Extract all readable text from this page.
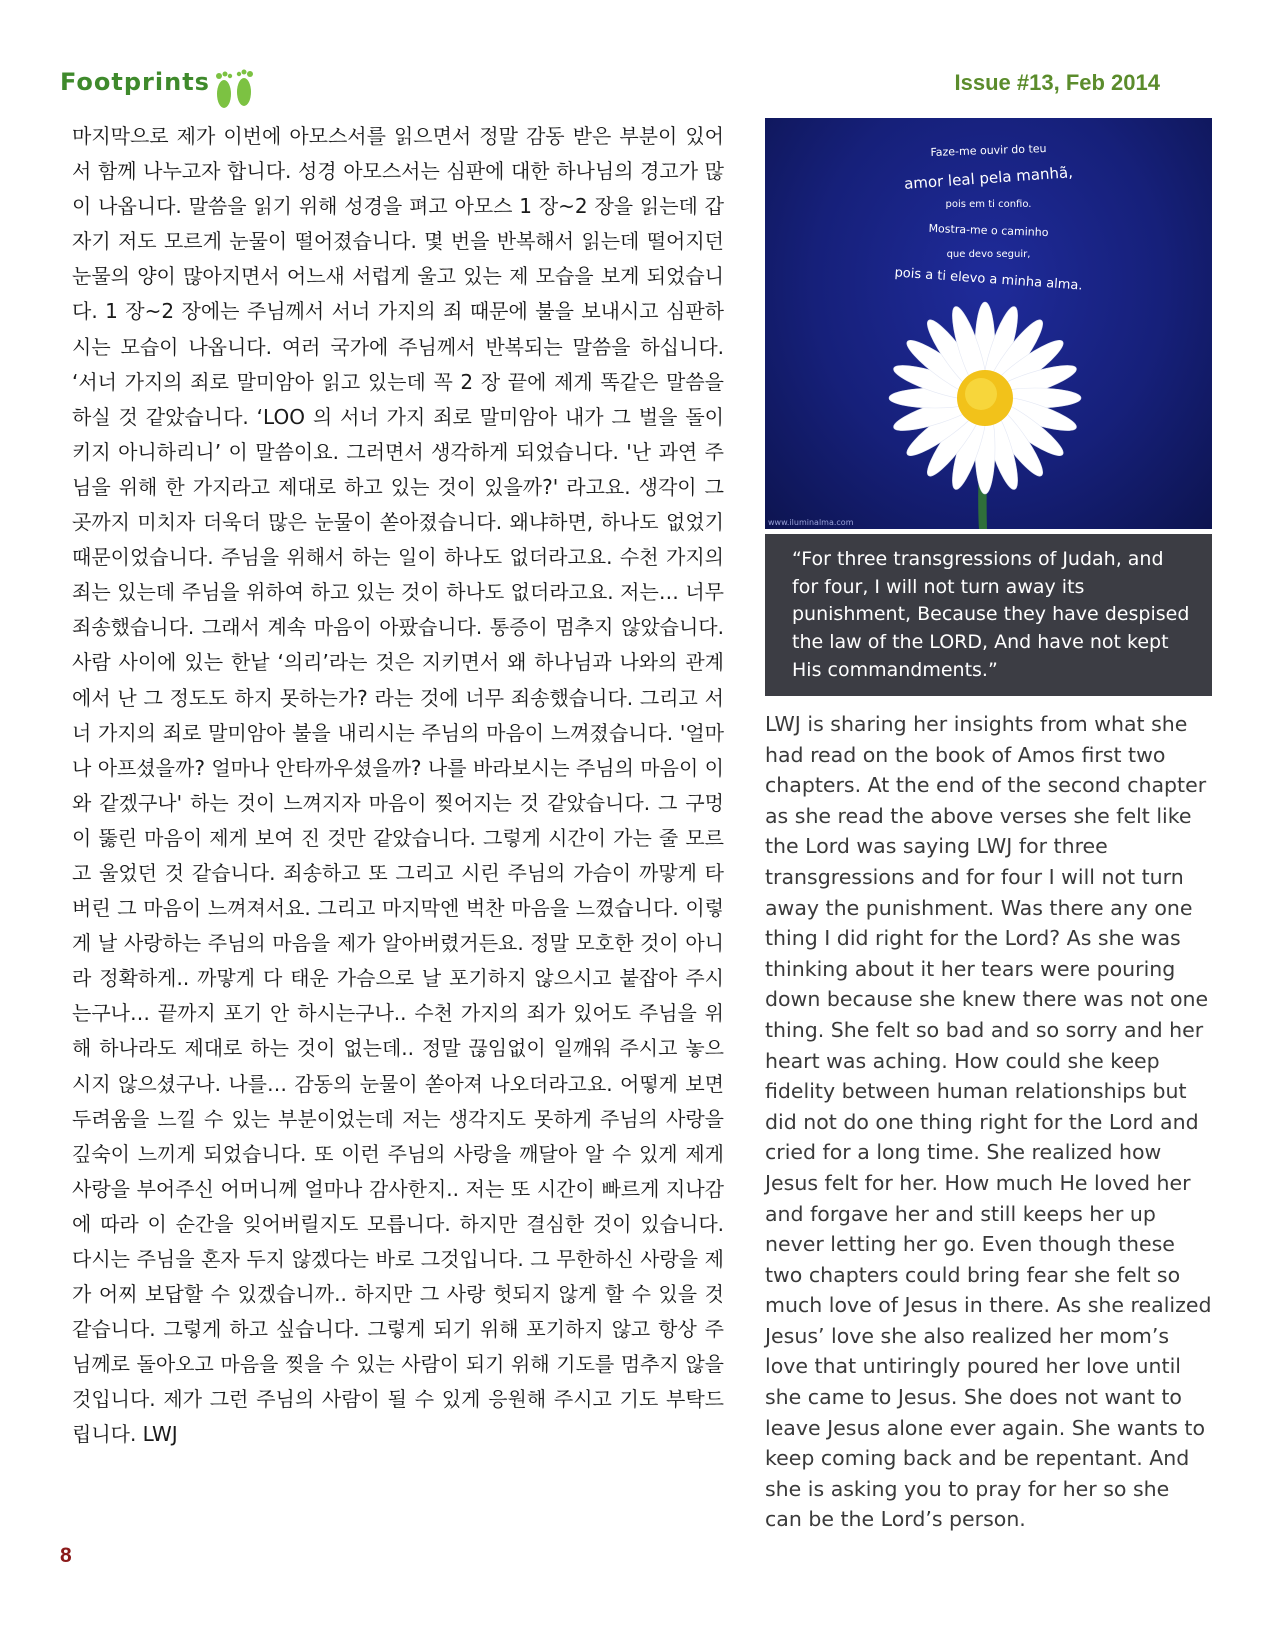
Footprints	Issue #13, Feb 2014

마지막으로 제가 이번에 아모스서를 읽으면서 정말 감동 받은 부분이 있어서 함께 나누고자 합니다. 성경 아모스서는 심판에 대한 하나님의 경고가 많이 나옵니다. 말씀을 읽기 위해 성경을 펴고 아모스 1 장~2 장을 읽는데 갑자기 저도 모르게 눈물이 떨어졌습니다. 몇 번을 반복해서 읽는데 떨어지던 눈물의 양이 많아지면서 어느새 서럽게 울고 있는 제 모습을 보게 되었습니다. 1 장~2 장에는 주님께서 서너 가지의 죄 때문에 불을 보내시고 심판하시는 모습이 나옵니다. 여러 국가에 주님께서 반복되는 말씀을 하십니다. ‘서너 가지의 죄로 말미암아 읽고 있는데 꼭 2 장 끝에 제게 똑같은 말씀을 하실 것 같았습니다. ‘LOO 의 서너 가지 죄로 말미암아 내가 그 벌을 돌이키지 아니하리니’ 이 말씀이요. 그러면서 생각하게 되었습니다. '난 과연 주님을 위해 한 가지라고 제대로 하고 있는 것이 있을까?' 라고요. 생각이 그곳까지 미치자 더욱더 많은 눈물이 쏟아졌습니다. 왜냐하면, 하나도 없었기 때문이었습니다. 주님을 위해서 하는 일이 하나도 없더라고요. 수천 가지의 죄는 있는데 주님을 위하여 하고 있는 것이 하나도 없더라고요. 저는… 너무 죄송했습니다. 그래서 계속 마음이 아팠습니다. 통증이 멈추지 않았습니다. 사람 사이에 있는 한낱 ‘의리’라는 것은 지키면서 왜 하나님과 나와의 관계에서 난 그 정도도 하지 못하는가? 라는 것에 너무 죄송했습니다. 그리고 서너 가지의 죄로 말미암아 불을 내리시는 주님의 마음이 느껴졌습니다. '얼마나 아프셨을까? 얼마나 안타까우셨을까? 나를 바라보시는 주님의 마음이 이와 같겠구나' 하는 것이 느껴지자 마음이 찢어지는 것 같았습니다. 그 구멍이 뚫린 마음이 제게 보여 진 것만 같았습니다. 그렇게 시간이 가는 줄 모르고 울었던 것 같습니다. 죄송하고 또 그리고 시린 주님의 가슴이 까맣게 타버린 그 마음이 느껴져서요. 그리고 마지막엔 벅찬 마음을 느꼈습니다. 이렇게 날 사랑하는 주님의 마음을 제가 알아버렸거든요. 정말 모호한 것이 아니라 정확하게.. 까맣게 다 태운 가슴으로 날 포기하지 않으시고 붙잡아 주시는구나… 끝까지 포기 안 하시는구나.. 수천 가지의 죄가 있어도 주님을 위해 하나라도 제대로 하는 것이 없는데.. 정말 끊임없이 일깨워 주시고 놓으시지 않으셨구나. 나를… 감동의 눈물이 쏟아져 나오더라고요. 어떻게 보면 두려움을 느낄 수 있는 부분이었는데 저는 생각지도 못하게 주님의 사랑을 깊숙이 느끼게 되었습니다. 또 이런 주님의 사랑을 깨달아 알 수 있게 제게 사랑을 부어주신 어머니께 얼마나 감사한지.. 저는 또 시간이 빠르게 지나감에 따라 이 순간을 잊어버릴지도 모릅니다. 하지만 결심한 것이 있습니다. 다시는 주님을 혼자 두지 않겠다는 바로 그것입니다. 그 무한하신 사랑을 제가 어찌 보답할 수 있겠습니까.. 하지만 그 사랑 헛되지 않게 할 수 있을 것 같습니다. 그렇게 하고 싶습니다. 그렇게 되기 위해 포기하지 않고 항상 주님께로 돌아오고 마음을 찢을 수 있는 사람이 되기 위해 기도를 멈추지 않을 것입니다. 제가 그런 주님의 사람이 될 수 있게 응원해 주시고 기도 부탁드립니다. LWJ

Faze-me ouvir do teu
amor leal pela manhã,
pois em ti confio.
Mostra-me o caminho
que devo seguir,
pois a ti elevo a minha alma.
www.iluminalma.com
“For three transgressions of Judah, and for four, I will not turn away its punishment, Because they have despised the law of the LORD, And have not kept His commandments.”

LWJ is sharing her insights from what she had read on the book of Amos first two chapters. At the end of the second chapter as she read the above verses she felt like the Lord was saying LWJ for three transgressions and for four I will not turn away the punishment. Was there any one thing I did right for the Lord? As she was thinking about it her tears were pouring down because she knew there was not one thing. She felt so bad and so sorry and her heart was aching. How could she keep fidelity between human relationships but did not do one thing right for the Lord and cried for a long time. She realized how Jesus felt for her. How much He loved her and forgave her and still keeps her up never letting her go. Even though these two chapters could bring fear she felt so much love of Jesus in there. As she realized Jesus’ love she also realized her mom’s love that untiringly poured her love until she came to Jesus. She does not want to leave Jesus alone ever again. She wants to keep coming back and be repentant. And she is asking you to pray for her so she can be the Lord’s person.

8
